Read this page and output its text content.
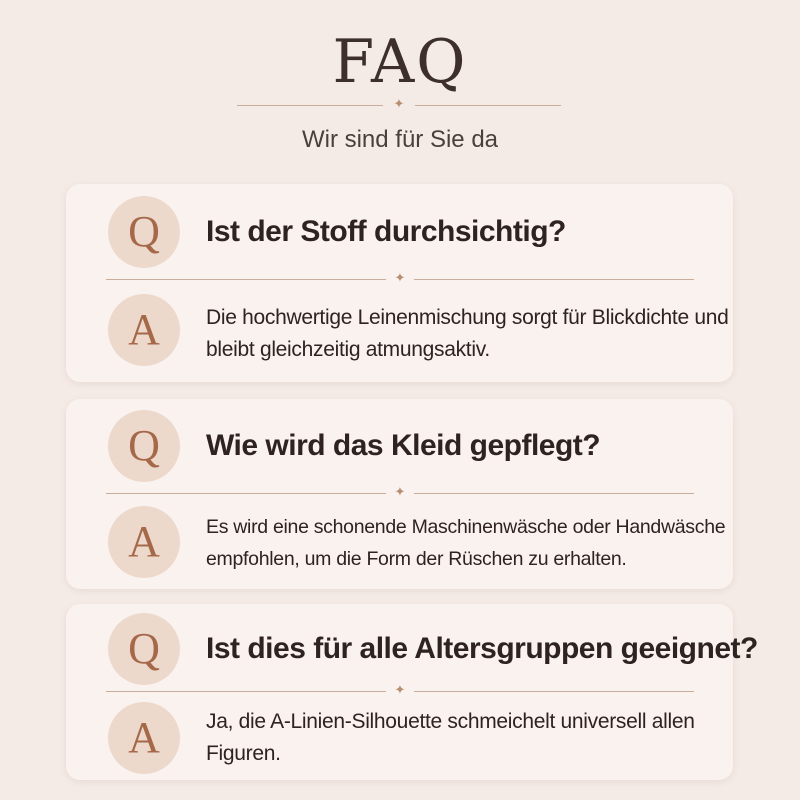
FAQ
✦
Wir sind für Sie da
Q	Ist der Stoff durchsichtig?
✦
A	Die hochwertige Leinenmischung sorgt für Blickdichte und bleibt gleichzeitig atmungsaktiv.
Q	Wie wird das Kleid gepflegt?
✦
A	Es wird eine schonende Maschinenwäsche oder Handwäsche empfohlen, um die Form der Rüschen zu erhalten.
Q	Ist dies für alle Altersgruppen geeignet?
✦
A	Ja, die A-Linien-Silhouette schmeichelt universell allen Figuren.
